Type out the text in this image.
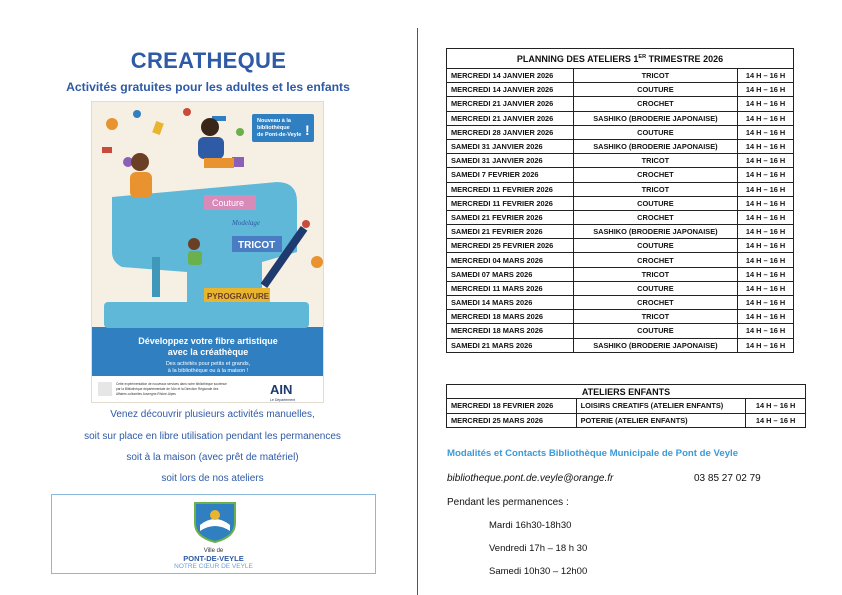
CREATHEQUE
Activités gratuites pour les adultes et les enfants
Nouveau à la
bibliothèque
de Pont-de-Veyle !
Couture
Modelage
TRICOT
PYROGRAVURE
Développez votre fibre artistique
avec la créathèque
Des activités pour petits et grands,
à la bibliothèque ou à la maison !
Cette expérimentation de nouveaux services dans notre bibliothèque soutenue
par la Bibliothèque départementale de l'Ain et la Direction Régionale des
Affaires culturelles Auvergne-Rhône-Alpes	AIN
Le Département
Venez découvrir plusieurs activités manuelles,
soit sur place en libre utilisation pendant les permanences
soit à la maison (avec prêt de matériel)
soit lors de nos ateliers
Ville de
PONT-DE-VEYLE
NOTRE CŒUR DE VEYLE
PLANNING DES ATELIERS 1ER TRIMESTRE 2026		
MERCREDI 14 JANVIER 2026	TRICOT	14 H – 16 H
MERCREDI 14 JANVIER 2026	COUTURE	14 H – 16 H
MERCREDI 21 JANVIER 2026	CROCHET	14 H – 16 H
MERCREDI 21 JANVIER 2026	SASHIKO (BRODERIE JAPONAISE)	14 H – 16 H
MERCREDI 28 JANVIER 2026	COUTURE	14 H – 16 H
SAMEDI 31 JANVIER 2026	SASHIKO (BRODERIE JAPONAISE)	14 H – 16 H
SAMEDI 31 JANVIER 2026	TRICOT	14 H – 16 H
SAMEDI 7 FEVRIER 2026	CROCHET	14 H – 16 H
MERCREDI 11 FEVRIER 2026	TRICOT	14 H – 16 H
MERCREDI 11 FEVRIER 2026	COUTURE	14 H – 16 H
SAMEDI 21 FEVRIER 2026	CROCHET	14 H – 16 H
SAMEDI 21 FEVRIER 2026	SASHIKO (BRODERIE JAPONAISE)	14 H – 16 H
MERCREDI 25 FEVRIER 2026	COUTURE	14 H – 16 H
MERCREDI 04 MARS 2026	CROCHET	14 H – 16 H
SAMEDI 07 MARS 2026	TRICOT	14 H – 16 H
MERCREDI 11 MARS 2026	COUTURE	14 H – 16 H
SAMEDI 14 MARS 2026	CROCHET	14 H – 16 H
MERCREDI 18 MARS 2026	TRICOT	14 H – 16 H
MERCREDI 18 MARS 2026	COUTURE	14 H – 16 H
SAMEDI 21 MARS 2026	SASHIKO (BRODERIE JAPONAISE)	14 H – 16 H
ATELIERS ENFANTS		
MERCREDI 18 FEVRIER 2026	LOISIRS CREATIFS (ATELIER ENFANTS)	14 H – 16 H
MERCREDI 25 MARS 2026	POTERIE (ATELIER ENFANTS)	14 H – 16 H
Modalités et Contacts Bibliothèque Municipale de Pont de Veyle
bibliotheque.pont.de.veyle@orange.fr	03 85 27 02 79
Pendant les permanences :
Mardi 16h30-18h30
Vendredi 17h – 18 h 30
Samedi 10h30 – 12h00
